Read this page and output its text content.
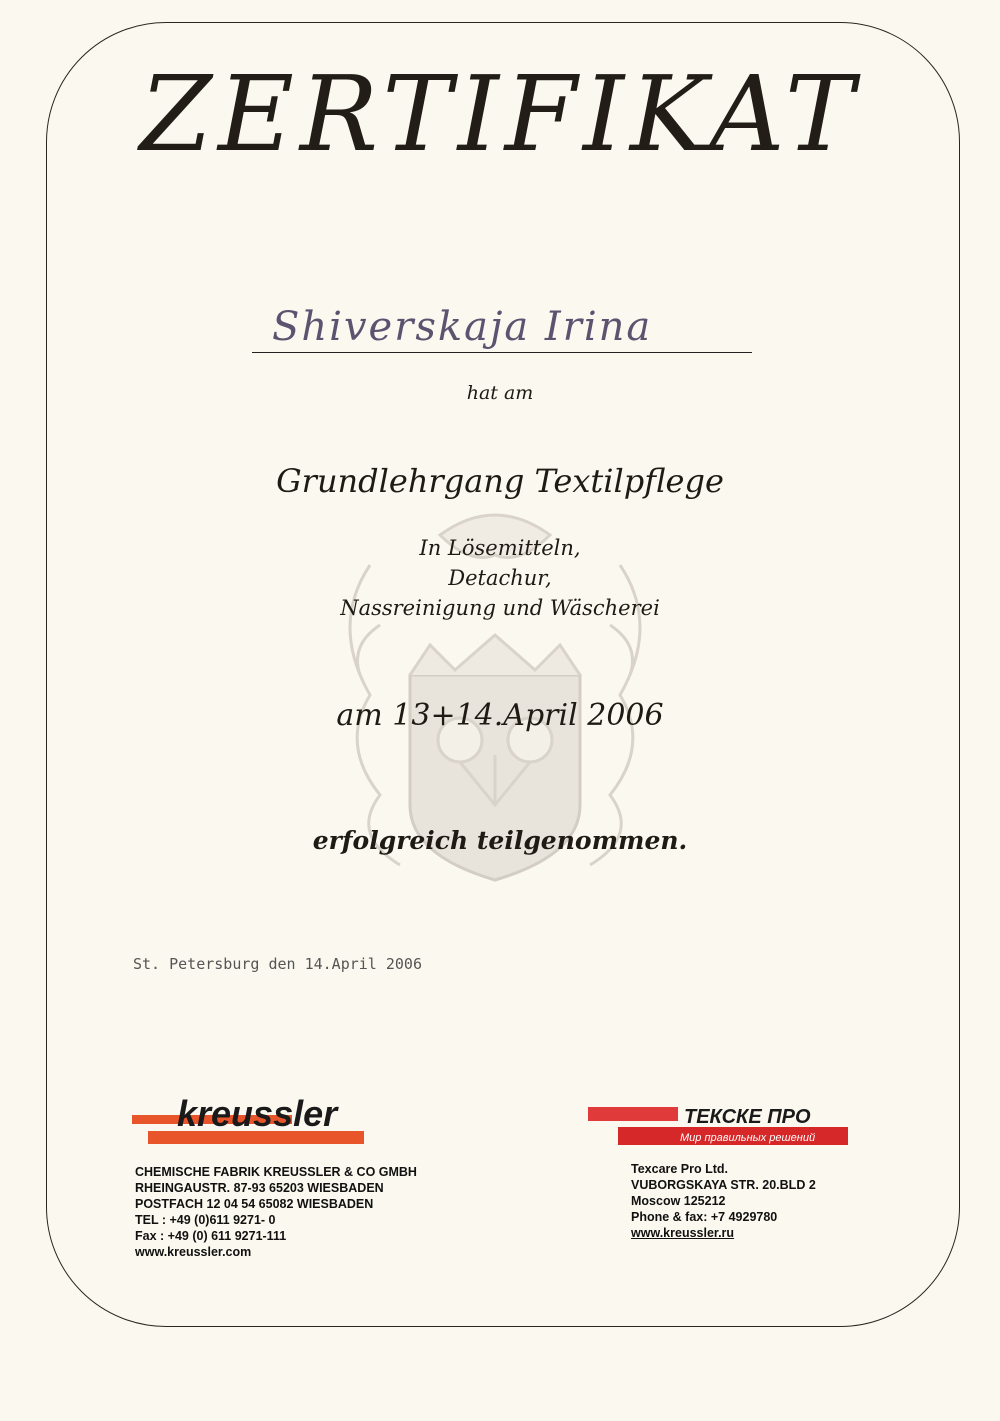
ZERTIFIKAT
Shiverskaja Irina
hat am
Grundlehrgang Textilpflege
In Lösemitteln,
Detachur,
Nassreinigung und Wäscherei
am 13+14.April 2006
erfolgreich teilgenommen.
St. Petersburg den 14.April 2006
kreussler	ТЕКСКЕ ПРО
Мир правильных решений
CHEMISCHE FABRIK KREUSSLER & CO GMBH
RHEINGAUSTR. 87-93 65203 WIESBADEN
POSTFACH 12 04 54 65082 WIESBADEN
TEL : +49 (0)611 9271- 0
Fax : +49 (0) 611 9271-111
www.kreussler.com
Texcare Pro Ltd.
VUBORGSKAYA STR. 20.BLD 2
Moscow 125212
Phone & fax: +7 4929780
www.kreussler.ru
